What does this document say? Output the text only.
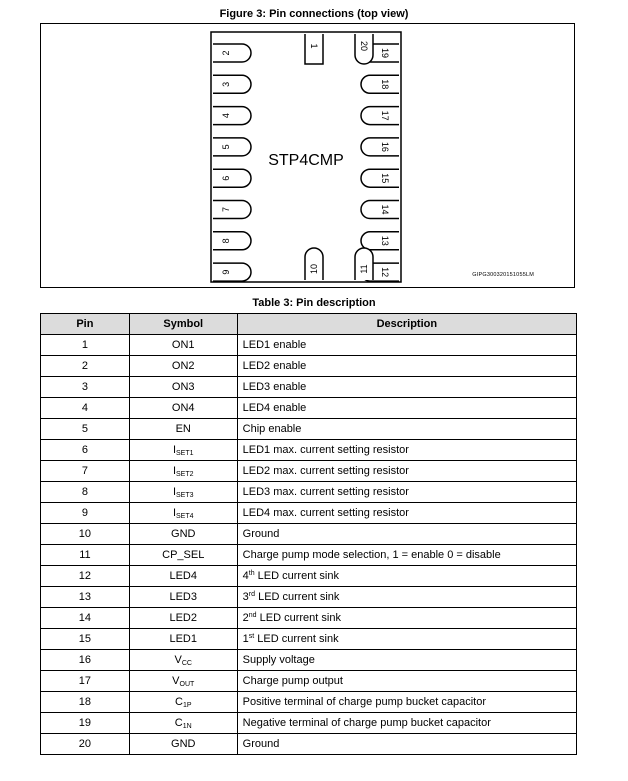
Figure 3: Pin connections (top view)
2
3
4
5
6
7
8
9
19
18
17
16
15
14
13
12
1	20
10	11
STP4CMP
GIPG300320151055LM
Table 3: Pin description
Pin	Symbol	Description
1	ON1	LED1 enable
2	ON2	LED2 enable
3	ON3	LED3 enable
4	ON4	LED4 enable
5	EN	Chip enable
6	$I_{SET1}$	LED1 max. current setting resistor
7	$I_{SET2}$	LED2 max. current setting resistor
8	$I_{SET3}$	LED3 max. current setting resistor
9	$I_{SET4}$	LED4 max. current setting resistor
10	GND	Ground
11	CP_SEL	Charge pump mode selection, 1 = enable 0 = disable
12	LED4	4th LED current sink
13	LED3	3rd LED current sink
14	LED2	2nd LED current sink
15	LED1	1st LED current sink
16	$V_{CC}$	Supply voltage
17	$V_{OUT}$	Charge pump output
18	$C_{1P}$	Positive terminal of charge pump bucket capacitor
19	$C_{1N}$	Negative terminal of charge pump bucket capacitor
20	GND	Ground
